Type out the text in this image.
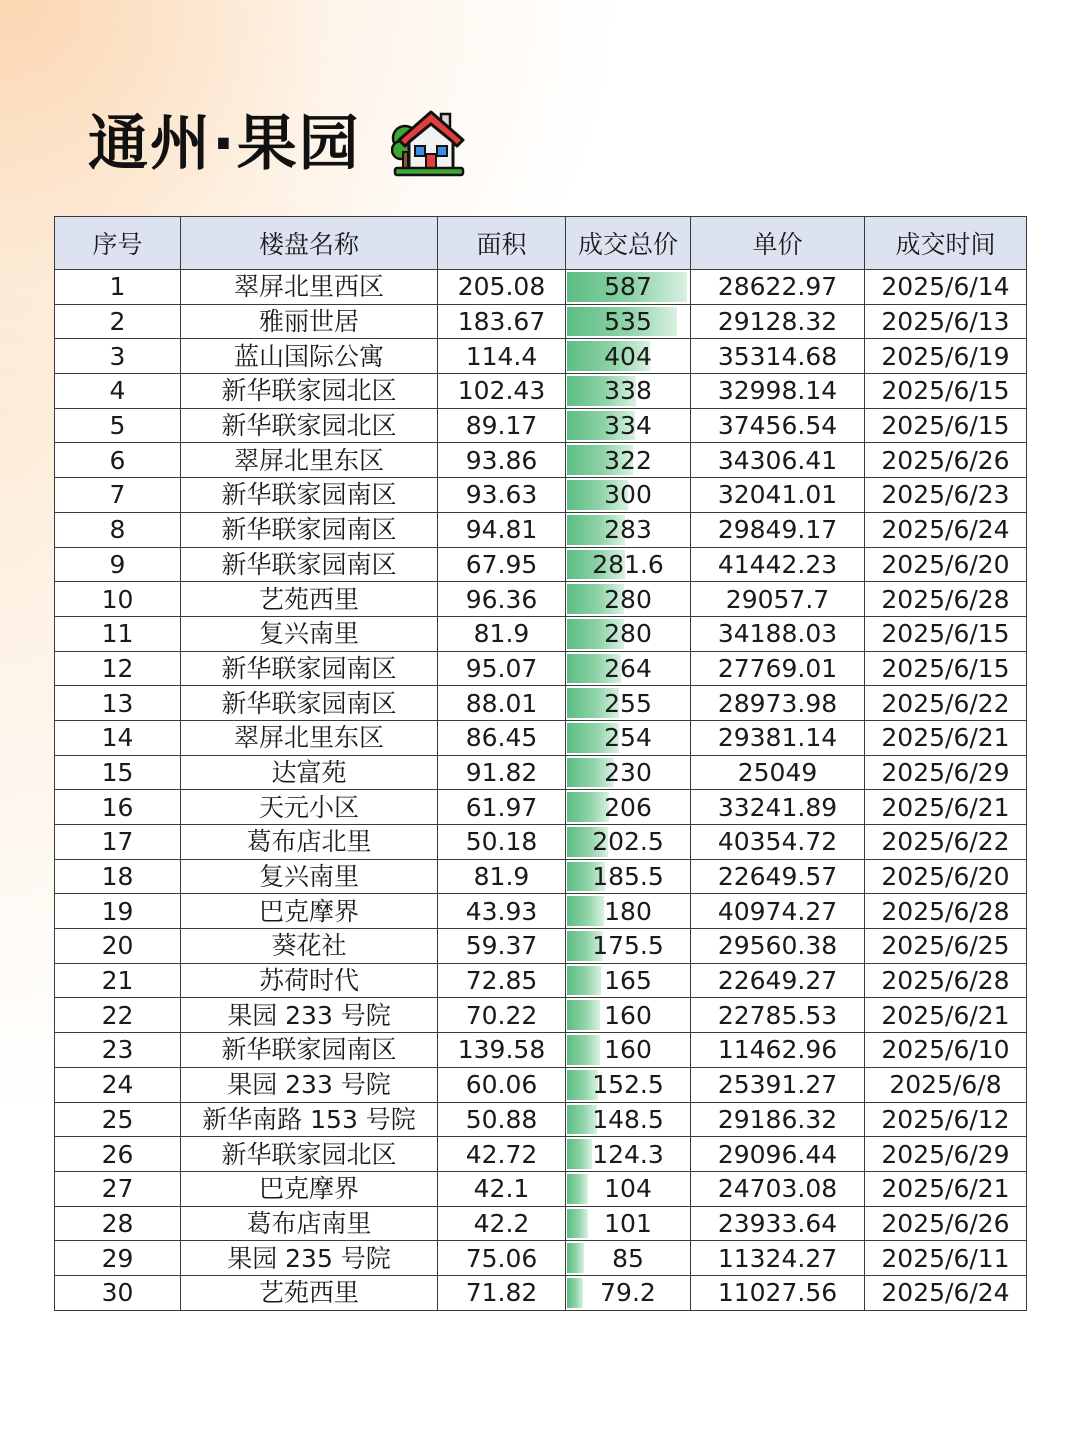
通州·果园
序号	楼盘名称	面积	成交总价	单价	成交时间
1	翠屏北里西区	205.08	587	28622.97	2025/6/14
2	雅丽世居	183.67	535	29128.32	2025/6/13
3	蓝山国际公寓	114.4	404	35314.68	2025/6/19
4	新华联家园北区	102.43	338	32998.14	2025/6/15
5	新华联家园北区	89.17	334	37456.54	2025/6/15
6	翠屏北里东区	93.86	322	34306.41	2025/6/26
7	新华联家园南区	93.63	300	32041.01	2025/6/23
8	新华联家园南区	94.81	283	29849.17	2025/6/24
9	新华联家园南区	67.95	281.6	41442.23	2025/6/20
10	艺苑西里	96.36	280	29057.7	2025/6/28
11	复兴南里	81.9	280	34188.03	2025/6/15
12	新华联家园南区	95.07	264	27769.01	2025/6/15
13	新华联家园南区	88.01	255	28973.98	2025/6/22
14	翠屏北里东区	86.45	254	29381.14	2025/6/21
15	达富苑	91.82	230	25049	2025/6/29
16	天元小区	61.97	206	33241.89	2025/6/21
17	葛布店北里	50.18	202.5	40354.72	2025/6/22
18	复兴南里	81.9	185.5	22649.57	2025/6/20
19	巴克摩界	43.93	180	40974.27	2025/6/28
20	葵花社	59.37	175.5	29560.38	2025/6/25
21	苏荷时代	72.85	165	22649.27	2025/6/28
22	果园 233 号院	70.22	160	22785.53	2025/6/21
23	新华联家园南区	139.58	160	11462.96	2025/6/10
24	果园 233 号院	60.06	152.5	25391.27	2025/6/8
25	新华南路 153 号院	50.88	148.5	29186.32	2025/6/12
26	新华联家园北区	42.72	124.3	29096.44	2025/6/29
27	巴克摩界	42.1	104	24703.08	2025/6/21
28	葛布店南里	42.2	101	23933.64	2025/6/26
29	果园 235 号院	75.06	85	11324.27	2025/6/11
30	艺苑西里	71.82	79.2	11027.56	2025/6/24
